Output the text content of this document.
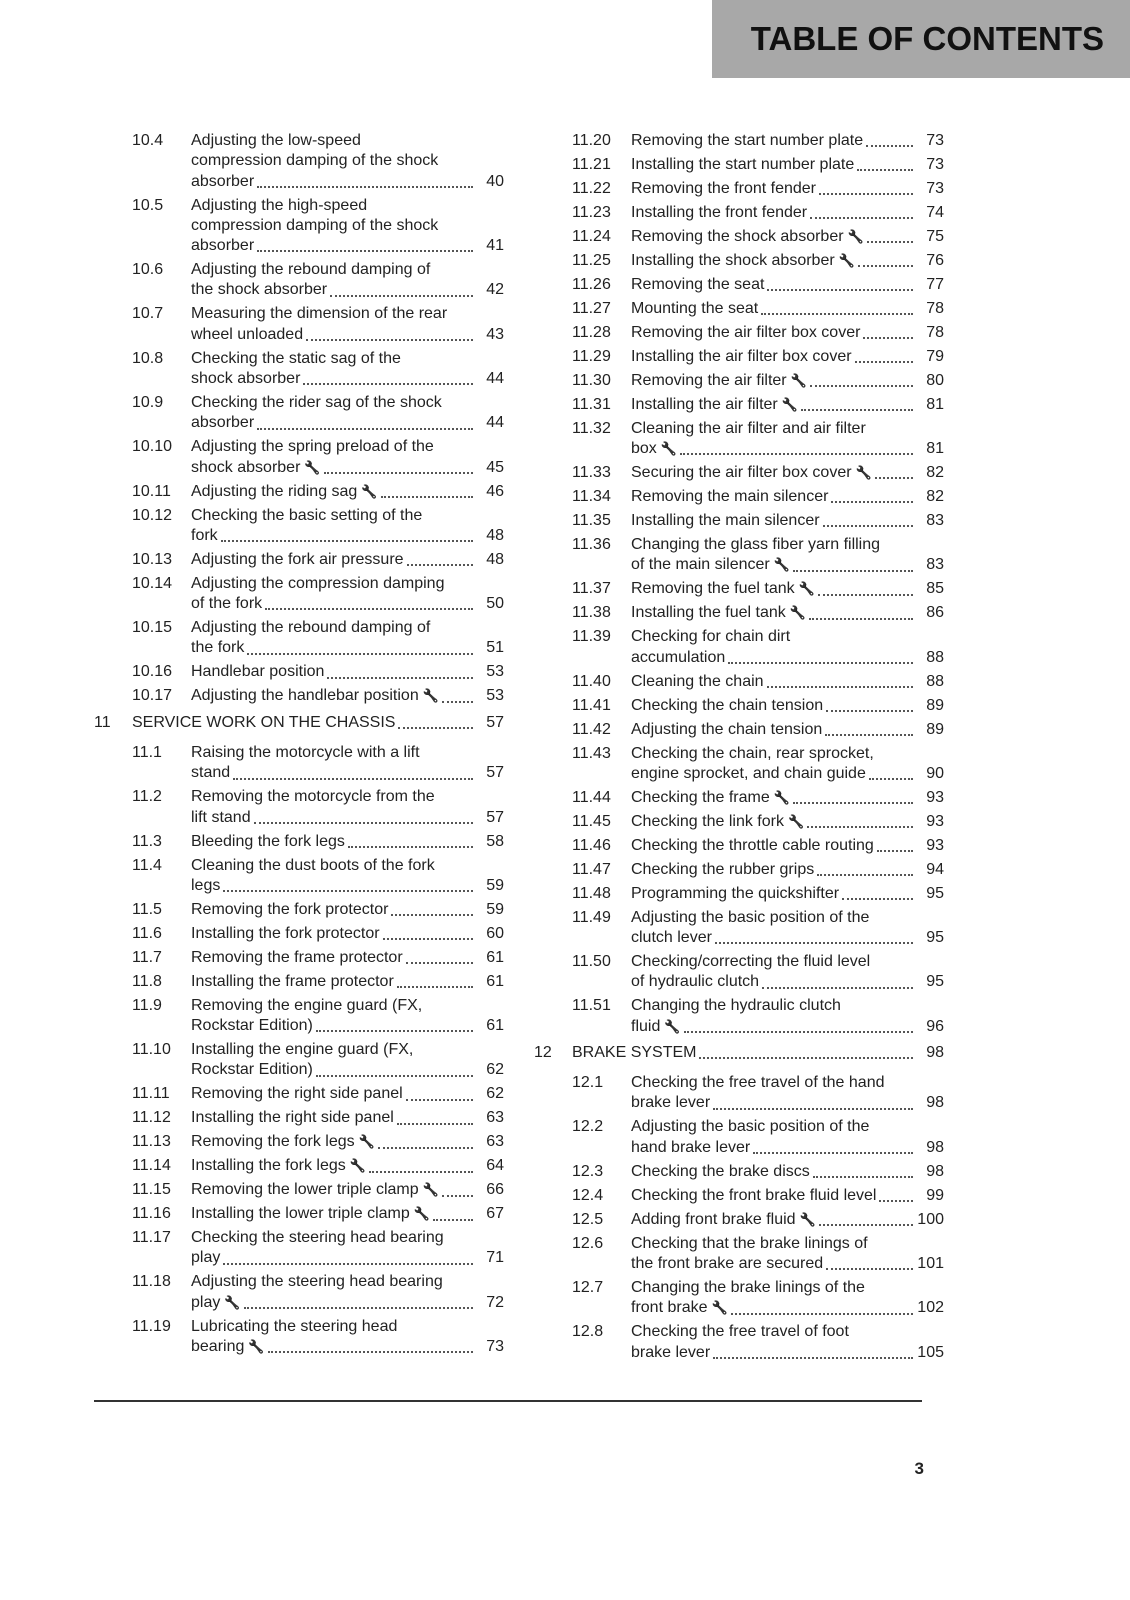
TABLE OF CONTENTS
10.4 Adjusting the low-speed
compression damping of the shock
absorber	40
10.5 Adjusting the high-speed
compression damping of the shock
absorber	41
10.6 Adjusting the rebound damping of
the shock absorber	42
10.7 Measuring the dimension of the rear
wheel unloaded	43
10.8 Checking the static sag of the
shock absorber	44
10.9 Checking the rider sag of the shock
absorber	44
10.10 Adjusting the spring preload of the
shock absorber 🔧	45
10.11 Adjusting the riding sag 🔧	46
10.12 Checking the basic setting of the
fork	48
10.13 Adjusting the fork air pressure	48
10.14 Adjusting the compression damping
of the fork	50
10.15 Adjusting the rebound damping of
the fork	51
10.16 Handlebar position	53
10.17 Adjusting the handlebar position 🔧	53
11 SERVICE WORK ON THE CHASSIS	57
11.1 Raising the motorcycle with a lift
stand	57
11.2 Removing the motorcycle from the
lift stand	57
11.3 Bleeding the fork legs	58
11.4 Cleaning the dust boots of the fork
legs	59
11.5 Removing the fork protector	59
11.6 Installing the fork protector	60
11.7 Removing the frame protector	61
11.8 Installing the frame protector	61
11.9 Removing the engine guard (FX,
Rockstar Edition)	61
11.10 Installing the engine guard (FX,
Rockstar Edition)	62
11.11 Removing the right side panel	62
11.12 Installing the right side panel	63
11.13 Removing the fork legs 🔧	63
11.14 Installing the fork legs 🔧	64
11.15 Removing the lower triple clamp 🔧	66
11.16 Installing the lower triple clamp 🔧	67
11.17 Checking the steering head bearing
play	71
11.18 Adjusting the steering head bearing
play 🔧	72
11.19 Lubricating the steering head
bearing 🔧	73
11.20 Removing the start number plate	73
11.21 Installing the start number plate	73
11.22 Removing the front fender	73
11.23 Installing the front fender	74
11.24 Removing the shock absorber 🔧	75
11.25 Installing the shock absorber 🔧	76
11.26 Removing the seat	77
11.27 Mounting the seat	78
11.28 Removing the air filter box cover	78
11.29 Installing the air filter box cover	79
11.30 Removing the air filter 🔧	80
11.31 Installing the air filter 🔧	81
11.32 Cleaning the air filter and air filter
box 🔧	81
11.33 Securing the air filter box cover 🔧	82
11.34 Removing the main silencer	82
11.35 Installing the main silencer	83
11.36 Changing the glass fiber yarn filling
of the main silencer 🔧	83
11.37 Removing the fuel tank 🔧	85
11.38 Installing the fuel tank 🔧	86
11.39 Checking for chain dirt
accumulation	88
11.40 Cleaning the chain	88
11.41 Checking the chain tension	89
11.42 Adjusting the chain tension	89
11.43 Checking the chain, rear sprocket,
engine sprocket, and chain guide	90
11.44 Checking the frame 🔧	93
11.45 Checking the link fork 🔧	93
11.46 Checking the throttle cable routing	93
11.47 Checking the rubber grips	94
11.48 Programming the quickshifter	95
11.49 Adjusting the basic position of the
clutch lever	95
11.50 Checking/correcting the fluid level
of hydraulic clutch	95
11.51 Changing the hydraulic clutch
fluid 🔧	96
12 BRAKE SYSTEM	98
12.1 Checking the free travel of the hand
brake lever	98
12.2 Adjusting the basic position of the
hand brake lever	98
12.3 Checking the brake discs	98
12.4 Checking the front brake fluid level	99
12.5 Adding front brake fluid 🔧	100
12.6 Checking that the brake linings of
the front brake are secured	101
12.7 Changing the brake linings of the
front brake 🔧	102
12.8 Checking the free travel of foot
brake lever	105
3
